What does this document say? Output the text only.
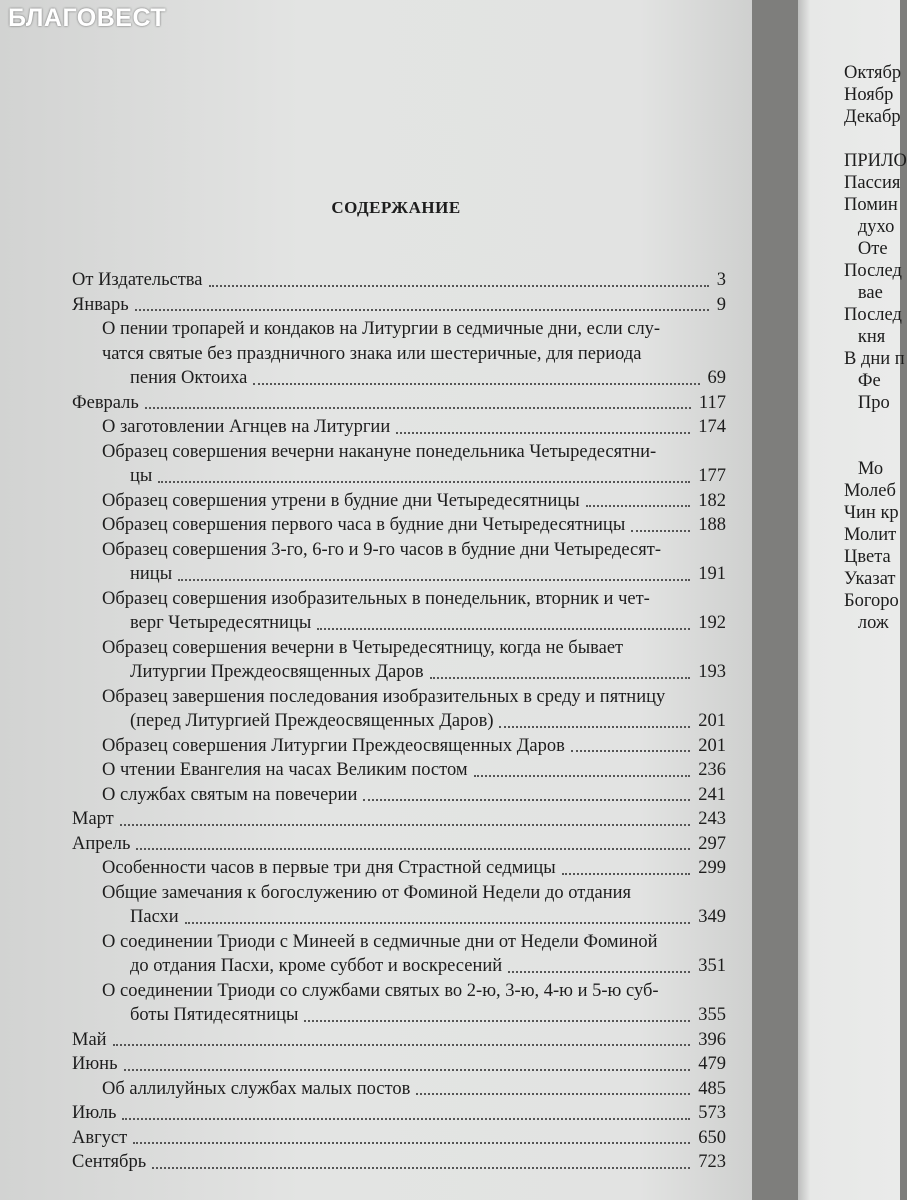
СОДЕРЖАНИЕ
От Издательства	3
Январь	9
О пении тропарей и кондаков на Литургии в седмичные дни, если слу-чатся святые без праздничного знака или шестеричные, для периода
пения Октоиха	69
Февраль	117
О заготовлении Агнцев на Литургии	174
Образец совершения вечерни накануне понедельника Четыредесятни-
цы	177
Образец совершения утрени в будние дни Четыредесятницы	182
Образец совершения первого часа в будние дни Четыредесятницы	188
Образец совершения 3-го, 6-го и 9-го часов в будние дни Четыредесят-
ницы	191
Образец совершения изобразительных в понедельник, вторник и чет-
верг Четыредесятницы	192
Образец совершения вечерни в Четыредесятницу, когда не бывает
Литургии Преждеосвященных Даров	193
Образец завершения последования изобразительных в среду и пятницу
(перед Литургией Преждеосвященных Даров)	201
Образец совершения Литургии Преждеосвященных Даров	201
О чтении Евангелия на часах Великим постом	236
О службах святым на повечерии	241
Март	243
Апрель	297
Особенности часов в первые три дня Страстной седмицы	299
Общие замечания к богослужению от Фоминой Недели до отдания
Пасхи	349
О соединении Триоди с Минеей в седмичные дни от Недели Фоминой
до отдания Пасхи, кроме суббот и воскресений	351
О соединении Триоди со службами святых во 2-ю, 3-ю, 4-ю и 5-ю суб-
боты Пятидесятницы	355
Май	396
Июнь	479
Об аллилуйных службах малых постов	485
Июль	573
Август	650
Сентябрь	723
Октябр
Ноябр
Декабр
ПРИЛО
Пассия
Помин
духо
Оте
Послед
вае
Послед
кня
В дни п
Фе
Про
Мо
Молеб
Чин кр
Молит
Цвета
Указат
Богоро
лож
БЛАГОВЕСТ
